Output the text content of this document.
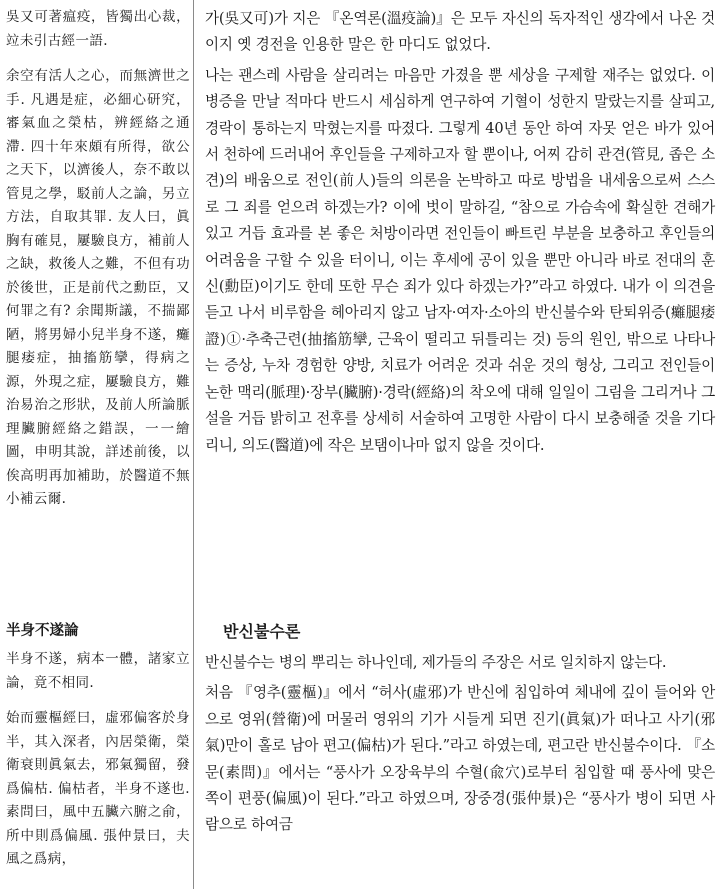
吳又可著瘟疫，皆獨出心裁，竝未引古經一語.

余空有活人之心，而無濟世之手. 凡遇是症，必細心研究，審氣血之榮枯，辨經絡之通滯. 四十年來頗有所得，欲公之天下，以濟後人，奈不敢以管見之學，駁前人之論，另立方法，自取其罪. 友人曰，眞胸有確見，屢驗良方，補前人之缺，救後人之難，不但有功於後世，正是前代之勳臣，又何罪之有? 余聞斯議，不揣鄙陋，將男婦小兒半身不遂，癱腿痿症，抽搐筋攣，得病之源，外現之症，屢驗良方，難治易治之形狀，及前人所論脈理臟腑經絡之錯誤，一一繪圖，申明其說，詳述前後，以俟高明再加補助，於醫道不無小補云爾.

半身不遂論

半身不遂，病本一體，諸家立論，竟不相同.

始而靈樞經曰，虛邪偏客於身半，其入深者，內居榮衛，榮衛衰則眞氣去，邪氣獨留，發爲偏枯. 偏枯者，半身不遂也. 素問曰，風中五臟六腑之俞，所中則爲偏風. 張仲景曰，夫風之爲病，

가(吳又可)가 지은 『온역론(溫疫論)』은 모두 자신의 독자적인 생각에서 나온 것이지 옛 경전을 인용한 말은 한 마디도 없었다.

나는 괜스레 사람을 살리려는 마음만 가졌을 뿐 세상을 구제할 재주는 없었다. 이 병증을 만날 적마다 반드시 세심하게 연구하여 기혈이 성한지 말랐는지를 살피고, 경락이 통하는지 막혔는지를 따졌다. 그렇게 40년 동안 하여 자못 얻은 바가 있어서 천하에 드러내어 후인들을 구제하고자 할 뿐이나, 어찌 감히 관견(管見, 좁은 소견)의 배움으로 전인(前人)들의 의론을 논박하고 따로 방법을 내세움으로써 스스로 그 죄를 얻으려 하겠는가? 이에 벗이 말하길, “참으로 가슴속에 확실한 견해가 있고 거듭 효과를 본 좋은 처방이라면 전인들이 빠트린 부분을 보충하고 후인들의 어려움을 구할 수 있을 터이니, 이는 후세에 공이 있을 뿐만 아니라 바로 전대의 훈신(勳臣)이기도 한데 또한 무슨 죄가 있다 하겠는가?”라고 하였다. 내가 이 의견을 듣고 나서 비루함을 헤아리지 않고 남자·여자·소아의 반신불수와 탄퇴위증(癱腿痿證)①·추축근련(抽搐筋攣, 근육이 떨리고 뒤틀리는 것) 등의 원인, 밖으로 나타나는 증상, 누차 경험한 양방, 치료가 어려운 것과 쉬운 것의 형상, 그리고 전인들이 논한 맥리(脈理)·장부(臟腑)·경락(經絡)의 착오에 대해 일일이 그림을 그리거나 그 설을 거듭 밝히고 전후를 상세히 서술하여 고명한 사람이 다시 보충해줄 것을 기다리니, 의도(醫道)에 작은 보탬이나마 없지 않을 것이다.

반신불수론

반신불수는 병의 뿌리는 하나인데, 제가들의 주장은 서로 일치하지 않는다.

처음 『영추(靈樞)』에서 “허사(虛邪)가 반신에 침입하여 체내에 깊이 들어와 안으로 영위(營衛)에 머물러 영위의 기가 시들게 되면 진기(眞氣)가 떠나고 사기(邪氣)만이 홀로 남아 편고(偏枯)가 된다.”라고 하였는데, 편고란 반신불수이다. 『소문(素問)』에서는 “풍사가 오장육부의 수혈(兪穴)로부터 침입할 때 풍사에 맞은 쪽이 편풍(偏風)이 된다.”라고 하였으며, 장중경(張仲景)은 “풍사가 병이 되면 사람으로 하여금
